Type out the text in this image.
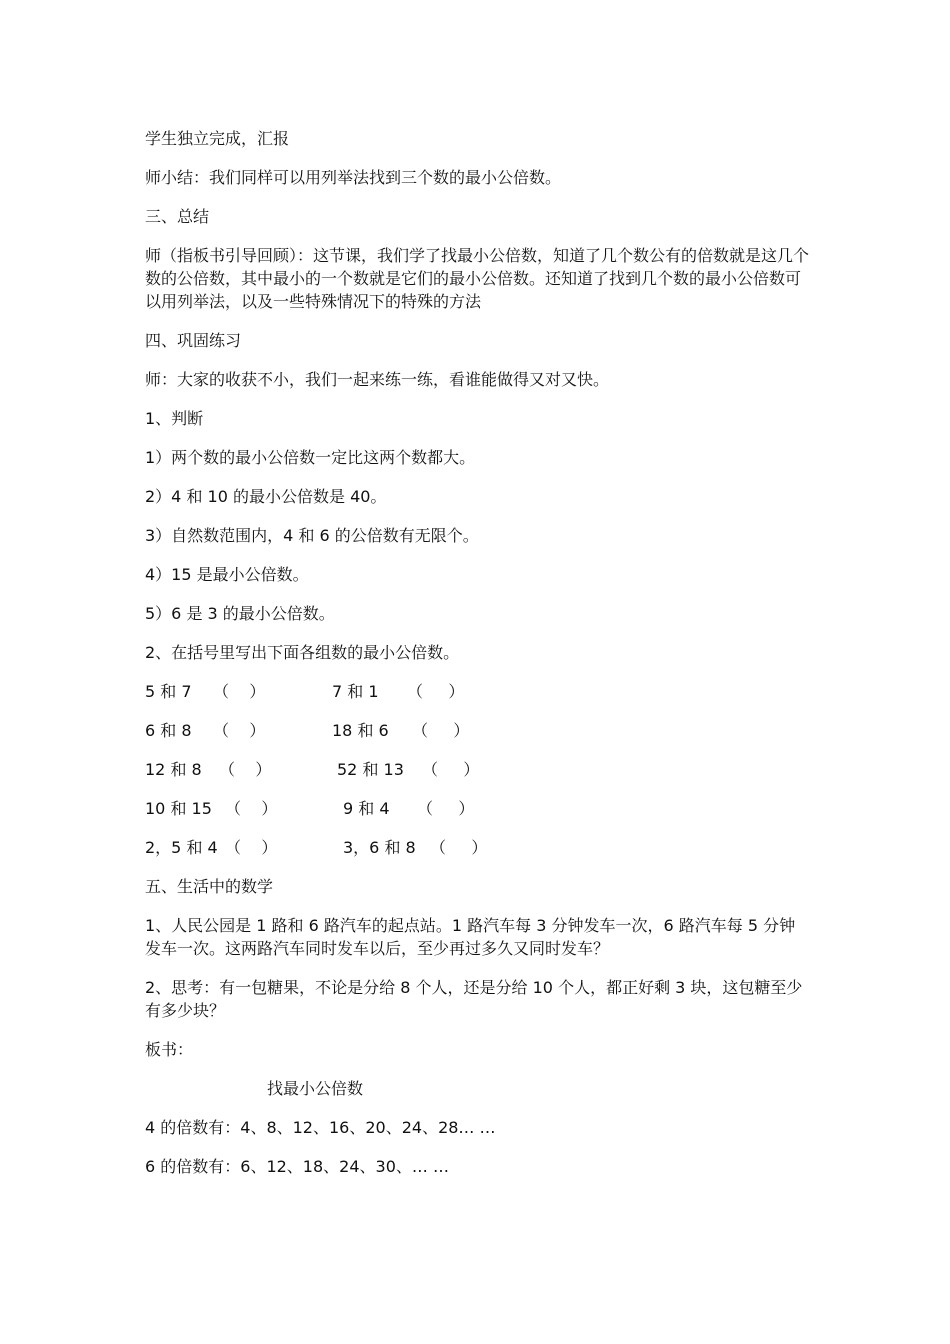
学生独立完成，汇报

师小结：我们同样可以用列举法找到三个数的最小公倍数。

三、总结

师（指板书引导回顾）：这节课，我们学了找最小公倍数，知道了几个数公有的倍数就是这几个数的公倍数，其中最小的一个数就是它们的最小公倍数。还知道了找到几个数的最小公倍数可以用列举法，以及一些特殊情况下的特殊的方法

四、巩固练习

师：大家的收获不小，我们一起来练一练，看谁能做得又对又快。

1、判断

1）两个数的最小公倍数一定比这两个数都大。

2）4 和 10 的最小公倍数是 40。

3）自然数范围内，4 和 6 的公倍数有无限个。

4）15 是最小公倍数。

5）6 是 3 的最小公倍数。

2、在括号里写出下面各组数的最小公倍数。

5 和 7 （    ）	7 和 1 （     ）
6 和 8 （    ）	18 和 6 （     ）
12 和 8 （    ）	52 和 13 （     ）
10 和 15 （    ）	9 和 4 （     ）
2，5 和 4 （    ）	3，6 和 8 （     ）

五、生活中的数学

1、人民公园是 1 路和 6 路汽车的起点站。1 路汽车每 3 分钟发车一次，6 路汽车每 5 分钟发车一次。这两路汽车同时发车以后，至少再过多久又同时发车？

2、思考：有一包糖果，不论是分给 8 个人，还是分给 10 个人，都正好剩 3 块，这包糖至少有多少块？

板书：

找最小公倍数

4 的倍数有：4、8、12、16、20、24、28… …

6 的倍数有：6、12、18、24、30、… …
